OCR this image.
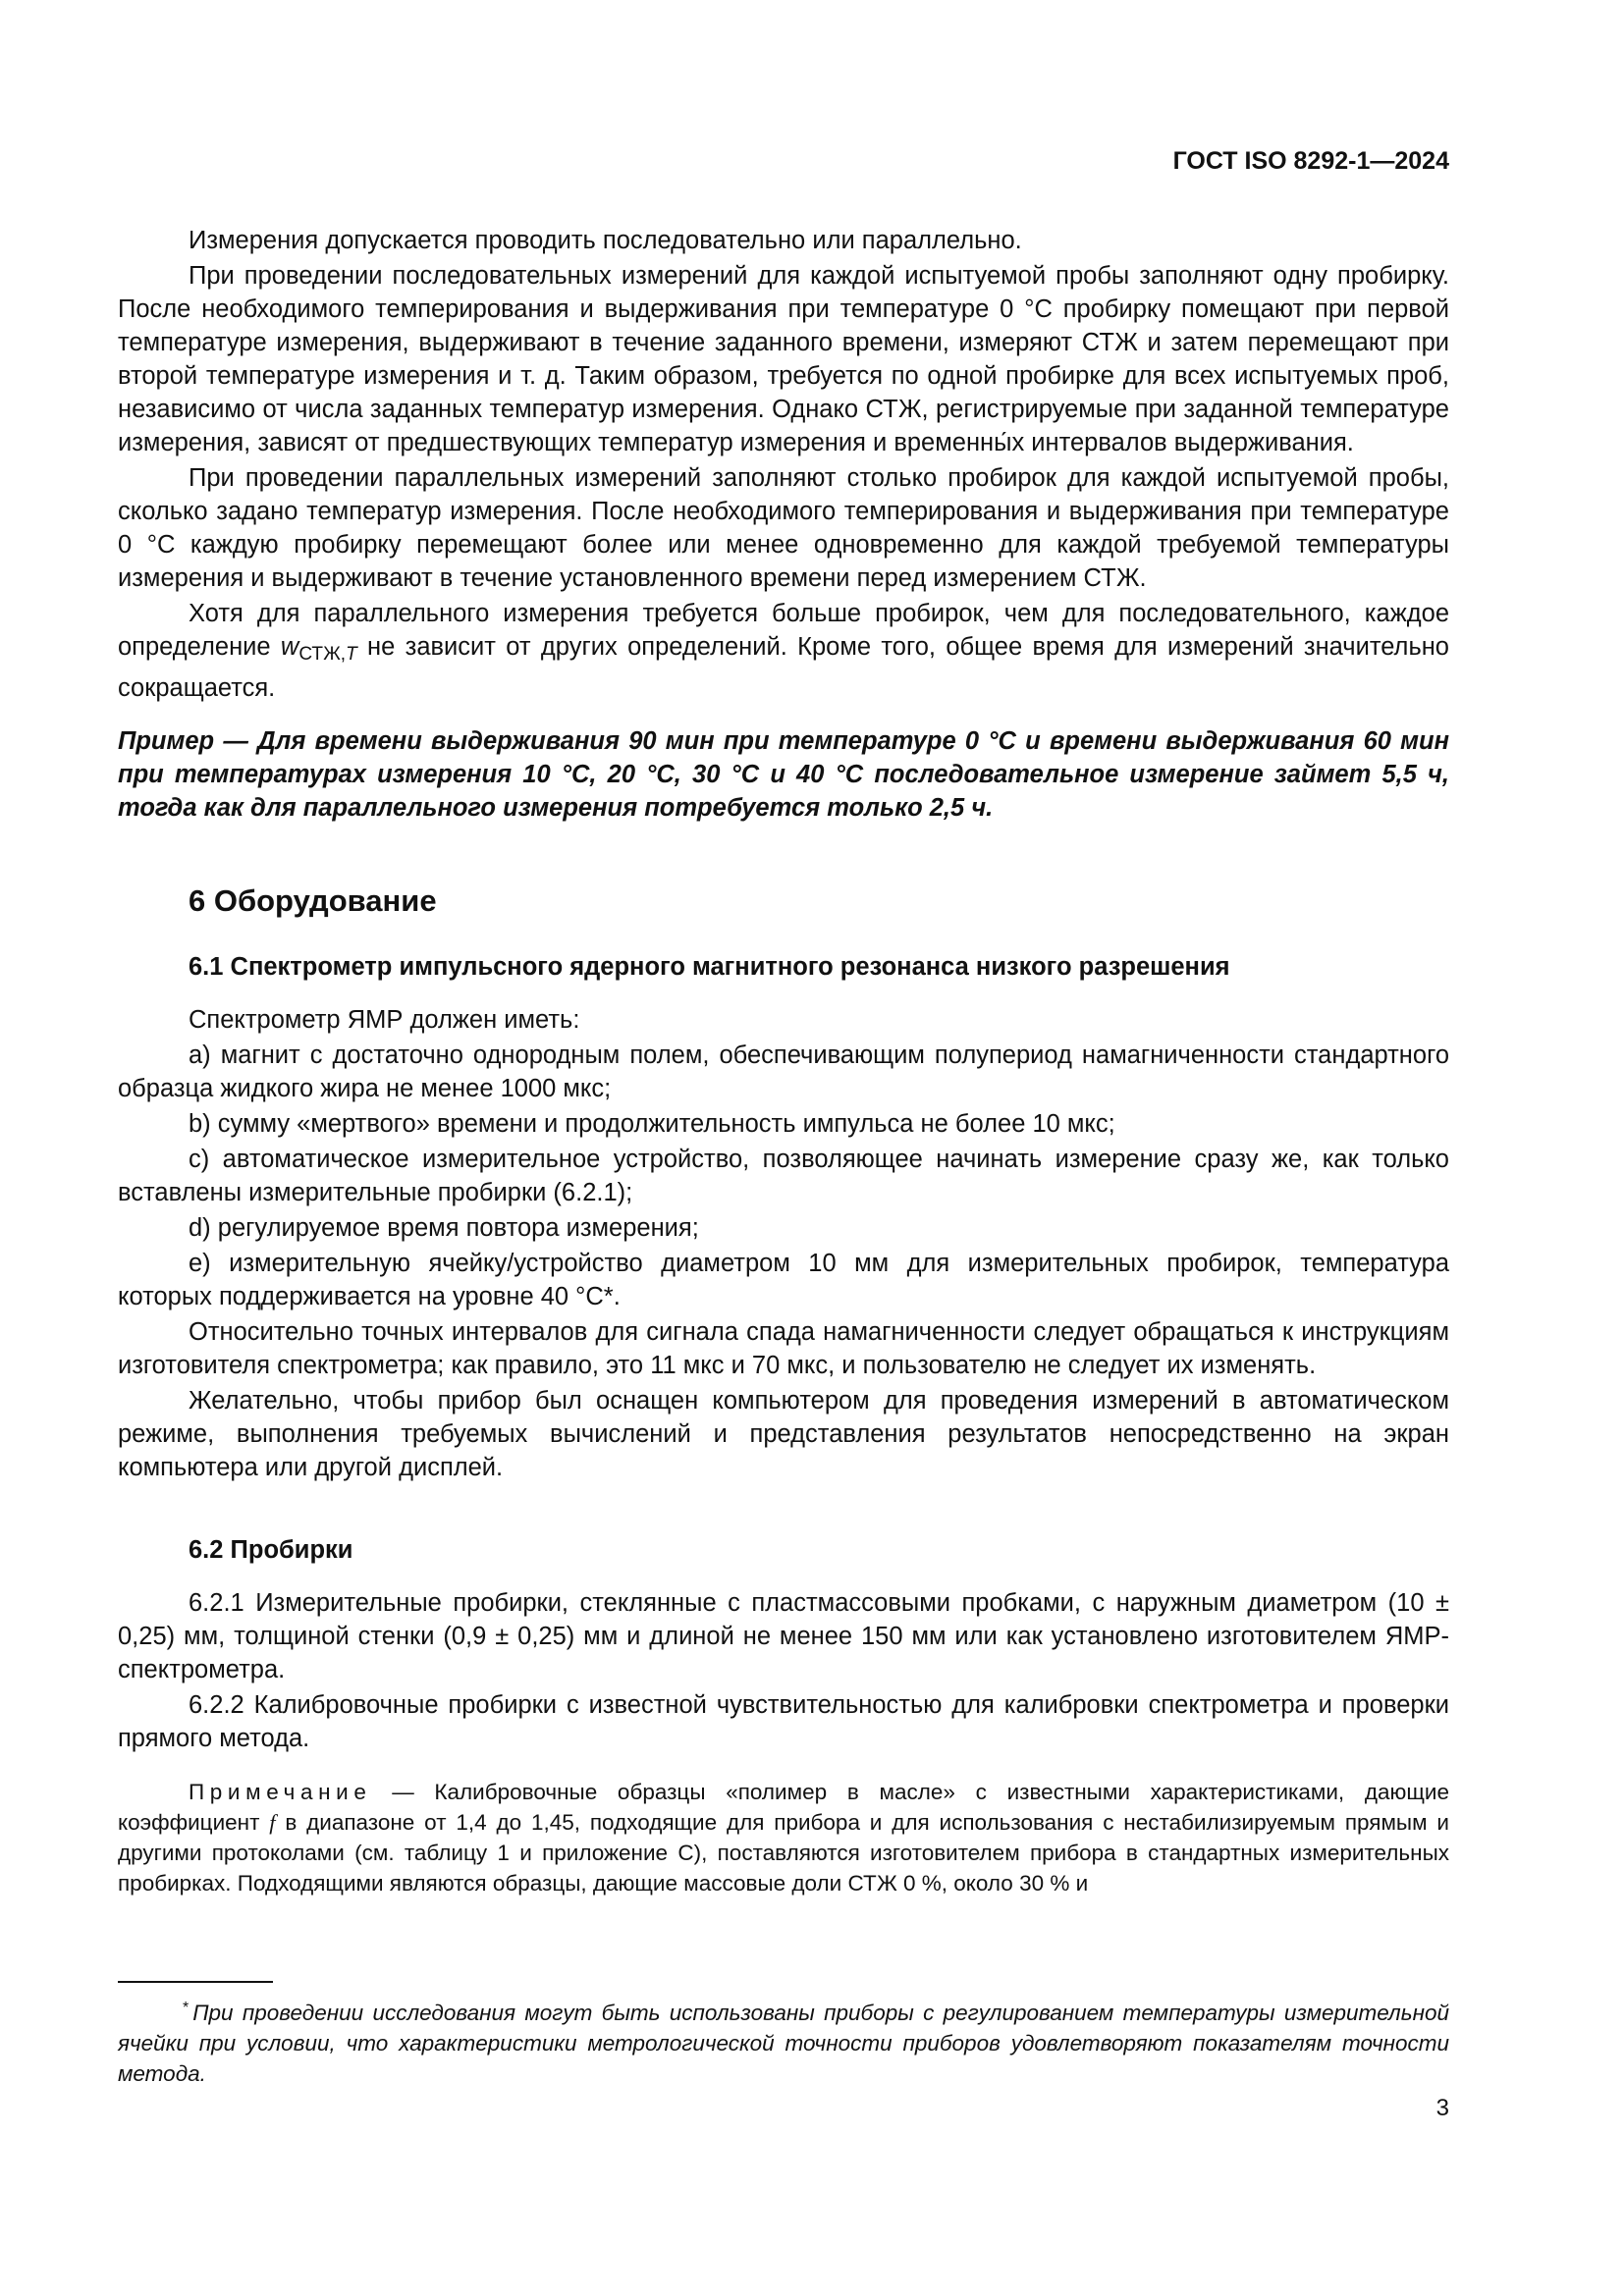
ГОСТ ISO 8292-1—2024

Измерения допускается проводить последовательно или параллельно.

При проведении последовательных измерений для каждой испытуемой пробы заполняют одну пробирку. После необходимого темперирования и выдерживания при температуре 0 °С пробирку помещают при первой температуре измерения, выдерживают в течение заданного времени, измеряют СТЖ и затем перемещают при второй температуре измерения и т. д. Таким образом, требуется по одной пробирке для всех испытуемых проб, независимо от числа заданных температур измерения. Однако СТЖ, регистрируемые при заданной температуре измерения, зависят от предшествующих температур измерения и временны́х интервалов выдерживания.

При проведении параллельных измерений заполняют столько пробирок для каждой испытуемой пробы, сколько задано температур измерения. После необходимого темперирования и выдерживания при температуре 0 °С каждую пробирку перемещают более или менее одновременно для каждой требуемой температуры измерения и выдерживают в течение установленного времени перед измерением СТЖ.

Хотя для параллельного измерения требуется больше пробирок, чем для последовательного, каждое определение $w_{СТЖ,T}$ не зависит от других определений. Кроме того, общее время для измерений значительно сокращается.

Пример — Для времени выдерживания 90 мин при температуре 0 °С и времени выдерживания 60 мин при температурах измерения 10 °С, 20 °С, 30 °С и 40 °С последовательное измерение займет 5,5 ч, тогда как для параллельного измерения потребуется только 2,5 ч.

6 Оборудование
6.1 Спектрометр импульсного ядерного магнитного резонанса низкого разрешения

Спектрометр ЯМР должен иметь:

a) магнит с достаточно однородным полем, обеспечивающим полупериод намагниченности стандартного образца жидкого жира не менее 1000 мкс;

b) сумму «мертвого» времени и продолжительность импульса не более 10 мкс;

c) автоматическое измерительное устройство, позволяющее начинать измерение сразу же, как только вставлены измерительные пробирки (6.2.1);

d) регулируемое время повтора измерения;

e) измерительную ячейку/устройство диаметром 10 мм для измерительных пробирок, температура которых поддерживается на уровне 40 °С*.

Относительно точных интервалов для сигнала спада намагниченности следует обращаться к инструкциям изготовителя спектрометра; как правило, это 11 мкс и 70 мкс, и пользователю не следует их изменять.

Желательно, чтобы прибор был оснащен компьютером для проведения измерений в автоматическом режиме, выполнения требуемых вычислений и представления результатов непосредственно на экран компьютера или другой дисплей.

6.2 Пробирки

6.2.1 Измерительные пробирки, стеклянные с пластмассовыми пробками, с наружным диаметром (10 ± 0,25) мм, толщиной стенки (0,9 ± 0,25) мм и длиной не менее 150 мм или как установлено изготовителем ЯМР-спектрометра.

6.2.2 Калибровочные пробирки с известной чувствительностью для калибровки спектрометра и проверки прямого метода.

Примечание — Калибровочные образцы «полимер в масле» с известными характеристиками, дающие коэффициент f в диапазоне от 1,4 до 1,45, подходящие для прибора и для использования с нестабилизируемым прямым и другими протоколами (см. таблицу 1 и приложение С), поставляются изготовителем прибора в стандартных измерительных пробирках. Подходящими являются образцы, дающие массовые доли СТЖ 0 %, около 30 % и

* При проведении исследования могут быть использованы приборы с регулированием температуры измерительной ячейки при условии, что характеристики метрологической точности приборов удовлетворяют показателям точности метода.

3
